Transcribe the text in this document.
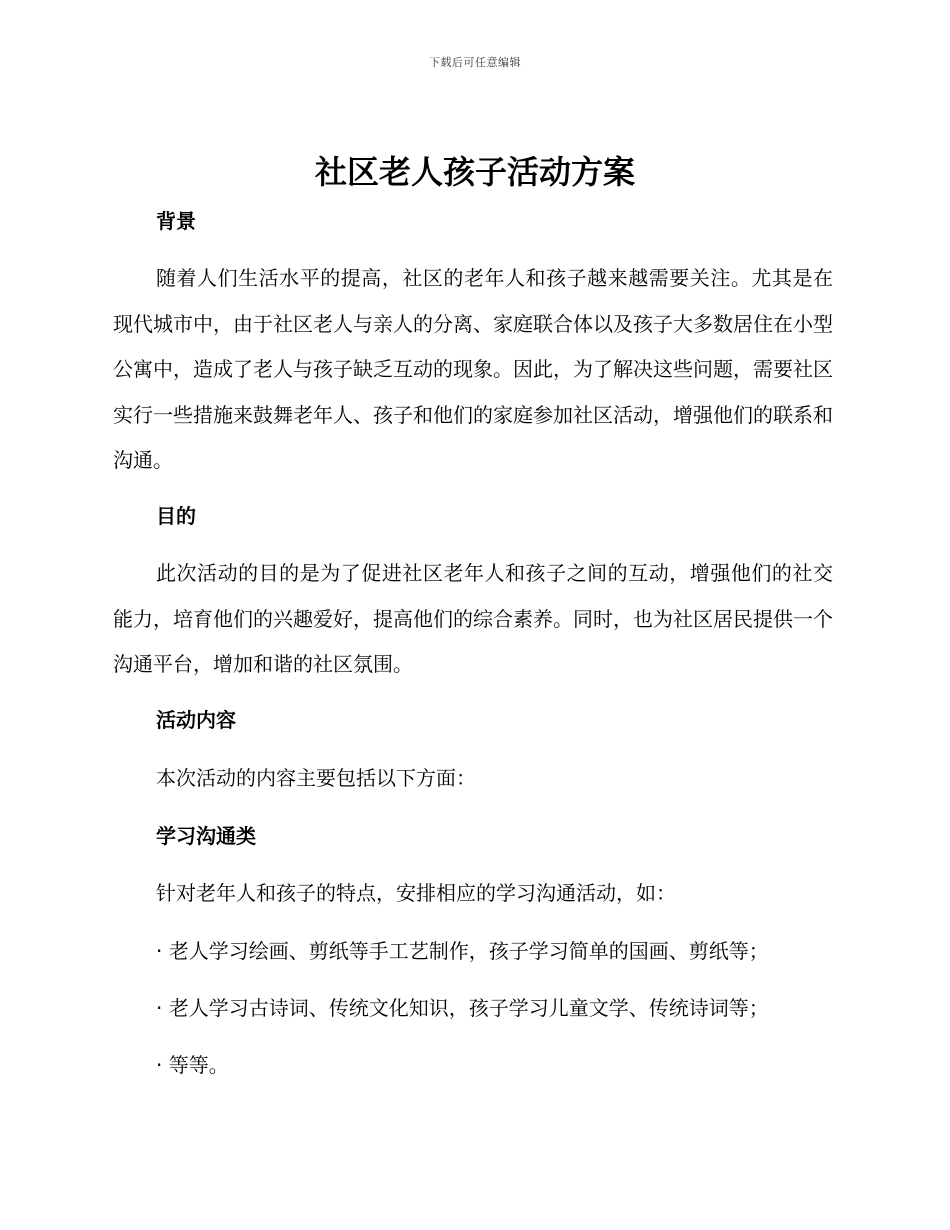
下载后可任意编辑
社区老人孩子活动方案
背景

随着人们生活水平的提高，社区的老年人和孩子越来越需要关注。尤其是在现代城市中，由于社区老人与亲人的分离、家庭联合体以及孩子大多数居住在小型公寓中，造成了老人与孩子缺乏互动的现象。因此，为了解决这些问题，需要社区实行一些措施来鼓舞老年人、孩子和他们的家庭参加社区活动，增强他们的联系和沟通。

目的

此次活动的目的是为了促进社区老年人和孩子之间的互动，增强他们的社交能力，培育他们的兴趣爱好，提高他们的综合素养。同时，也为社区居民提供一个沟通平台，增加和谐的社区氛围。

活动内容

本次活动的内容主要包括以下方面：

学习沟通类

针对老年人和孩子的特点，安排相应的学习沟通活动，如：

· 老人学习绘画、剪纸等手工艺制作，孩子学习简单的国画、剪纸等；

· 老人学习古诗词、传统文化知识，孩子学习儿童文学、传统诗词等；

· 等等。
